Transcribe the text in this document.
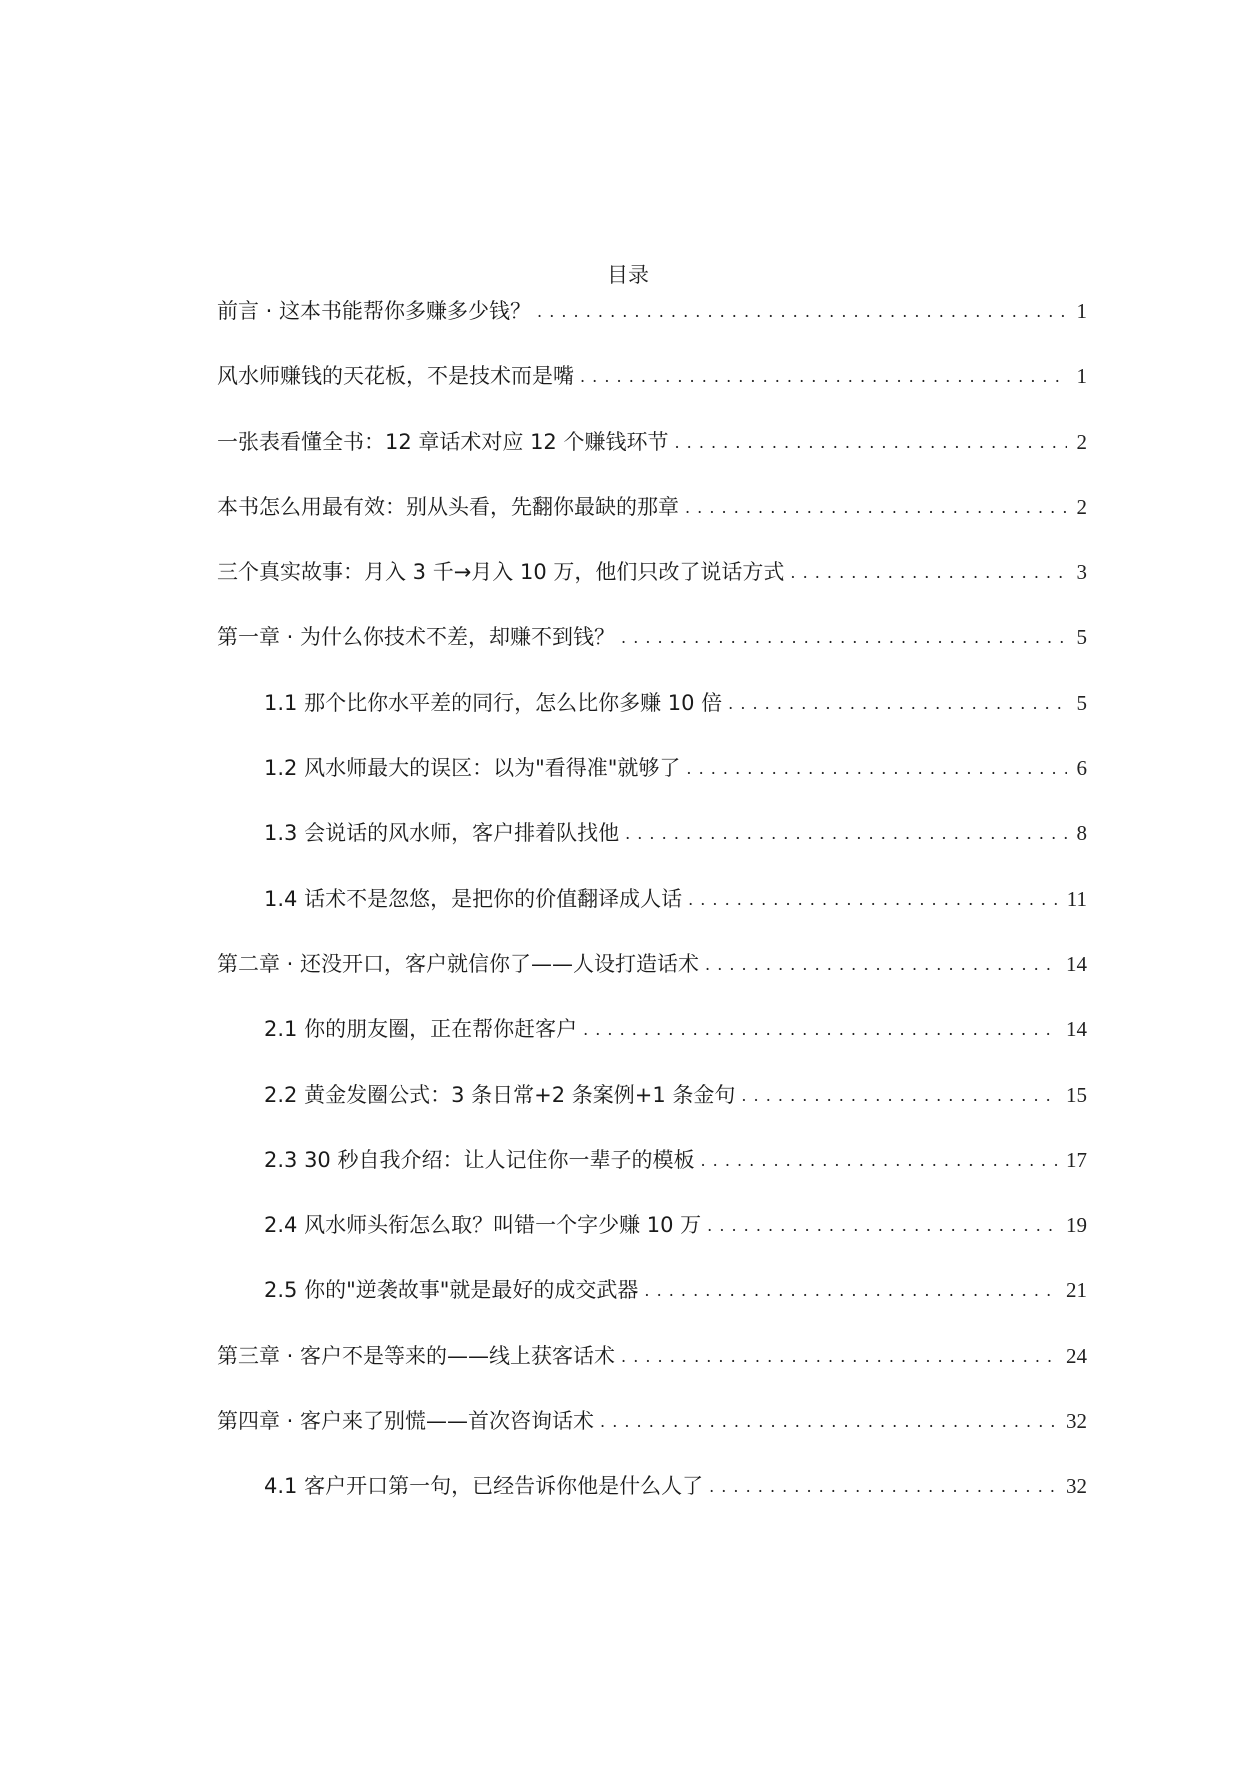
目录
前言 · 这本书能帮你多赚多少钱？ . . .	1
风水师赚钱的天花板，不是技术而是嘴 . . .	1
一张表看懂全书：12 章话术对应 12 个赚钱环节 . . .	2
本书怎么用最有效：别从头看，先翻你最缺的那章 . . .	2
三个真实故事：月入 3 千→月入 10 万，他们只改了说话方式 . . .	3
第一章 · 为什么你技术不差，却赚不到钱？ . . .	5
1.1 那个比你水平差的同行，怎么比你多赚 10 倍 . . .	5
1.2 风水师最大的误区：以为"看得准"就够了 . . .	6
1.3 会说话的风水师，客户排着队找他 . . .	8
1.4 话术不是忽悠，是把你的价值翻译成人话 . . .	11
第二章 · 还没开口，客户就信你了——人设打造话术 . . .	14
2.1 你的朋友圈，正在帮你赶客户 . . .	14
2.2 黄金发圈公式：3 条日常+2 条案例+1 条金句 . . .	15
2.3 30 秒自我介绍：让人记住你一辈子的模板 . . .	17
2.4 风水师头衔怎么取？叫错一个字少赚 10 万 . . .	19
2.5 你的"逆袭故事"就是最好的成交武器 . . .	21
第三章 · 客户不是等来的——线上获客话术 . . .	24
第四章 · 客户来了别慌——首次咨询话术 . . .	32
4.1 客户开口第一句，已经告诉你他是什么人了 . . .	32
